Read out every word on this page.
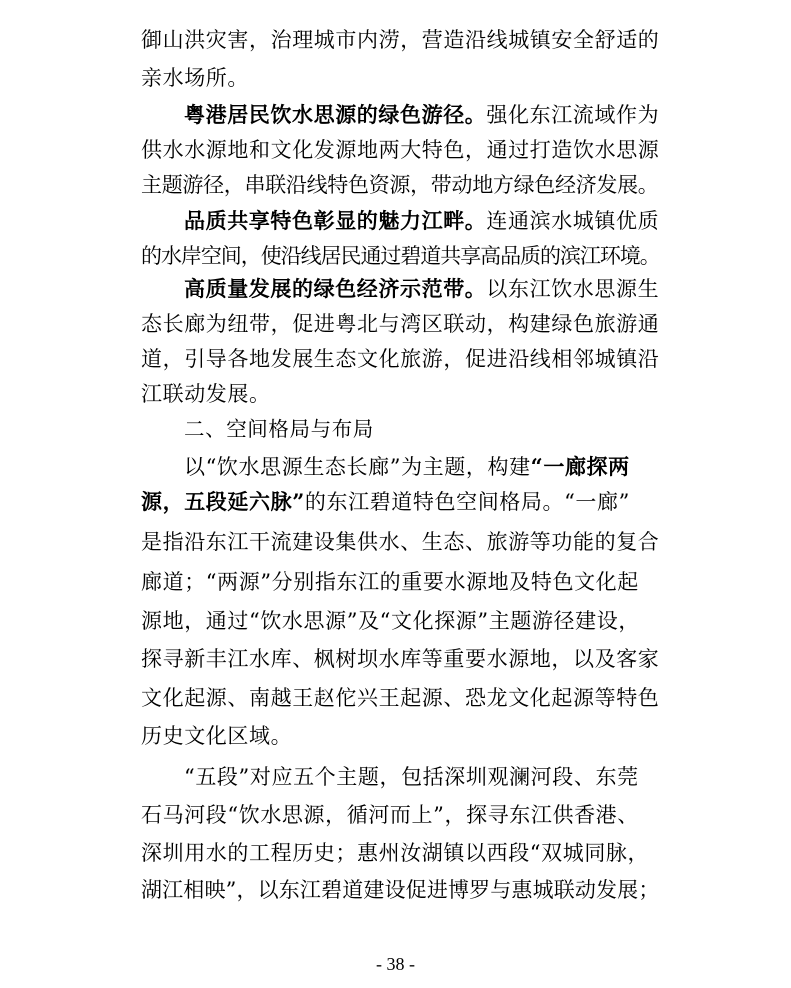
御山洪灾害，治理城市内涝，营造沿线城镇安全舒适的
亲水场所。
粤港居民饮水思源的绿色游径。强化东江流域作为
供水水源地和文化发源地两大特色，通过打造饮水思源
主题游径，串联沿线特色资源，带动地方绿色经济发展。
品质共享特色彰显的魅力江畔。连通滨水城镇优质
的水岸空间，使沿线居民通过碧道共享高品质的滨江环境。
高质量发展的绿色经济示范带。以东江饮水思源生
态长廊为纽带，促进粤北与湾区联动，构建绿色旅游通
道，引导各地发展生态文化旅游，促进沿线相邻城镇沿
江联动发展。
二、空间格局与布局
以“饮水思源生态长廊”为主题，构建“一廊探两
源，五段延六脉”的东江碧道特色空间格局。“一廊”
是指沿东江干流建设集供水、生态、旅游等功能的复合
廊道；“两源”分别指东江的重要水源地及特色文化起
源地，通过“饮水思源”及“文化探源”主题游径建设，
探寻新丰江水库、枫树坝水库等重要水源地，以及客家
文化起源、南越王赵佗兴王起源、恐龙文化起源等特色
历史文化区域。
“五段”对应五个主题，包括深圳观澜河段、东莞
石马河段“饮水思源，循河而上”，探寻东江供香港、
深圳用水的工程历史；惠州汝湖镇以西段“双城同脉，
湖江相映”，以东江碧道建设促进博罗与惠城联动发展；
- 38 -
